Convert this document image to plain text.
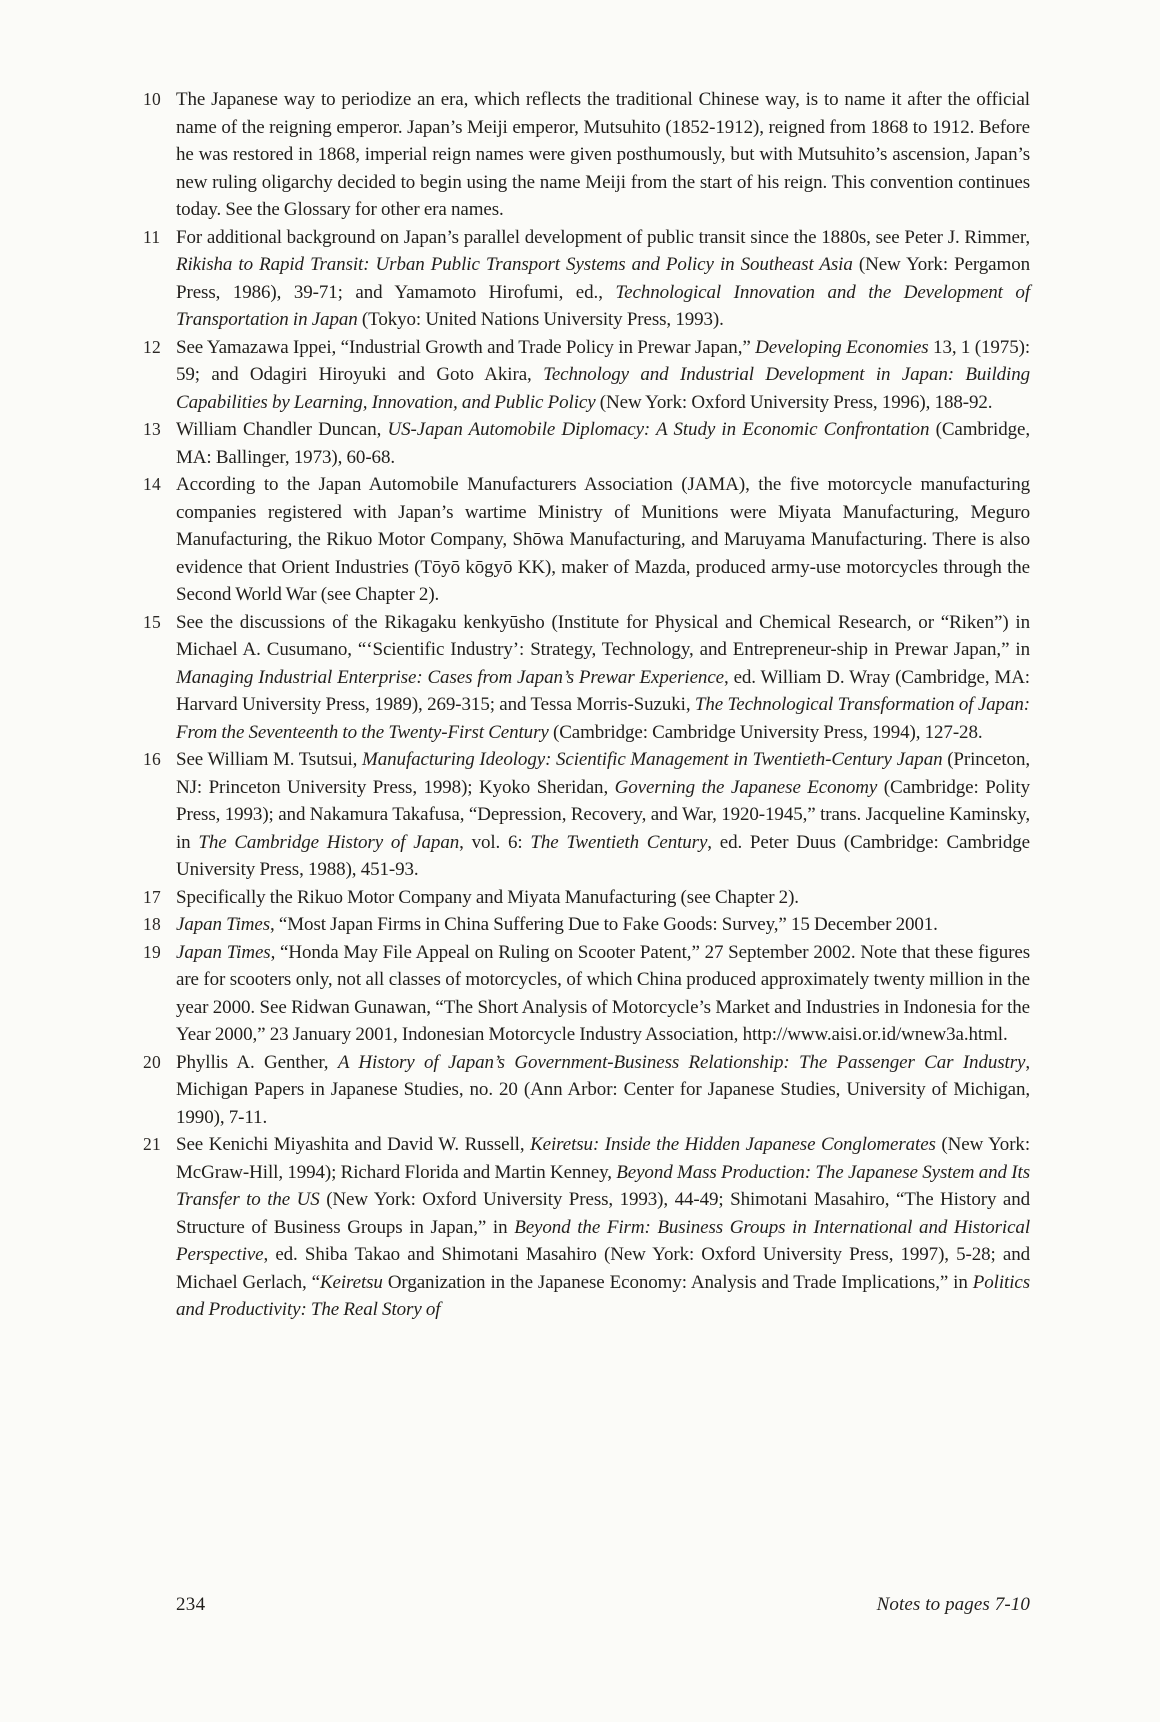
10 The Japanese way to periodize an era, which reflects the traditional Chinese way, is to name it after the official name of the reigning emperor. Japan’s Meiji emperor, Mutsuhito (1852-1912), reigned from 1868 to 1912. Before he was restored in 1868, imperial reign names were given posthumously, but with Mutsuhito’s ascension, Japan’s new ruling oligarchy decided to begin using the name Meiji from the start of his reign. This convention continues today. See the Glossary for other era names.

11 For additional background on Japan’s parallel development of public transit since the 1880s, see Peter J. Rimmer, Rikisha to Rapid Transit: Urban Public Transport Systems and Policy in Southeast Asia (New York: Pergamon Press, 1986), 39-71; and Yamamoto Hirofumi, ed., Technological Innovation and the Development of Transportation in Japan (Tokyo: United Nations University Press, 1993).

12 See Yamazawa Ippei, “Industrial Growth and Trade Policy in Prewar Japan,” Developing Economies 13, 1 (1975): 59; and Odagiri Hiroyuki and Goto Akira, Technology and Industrial Development in Japan: Building Capabilities by Learning, Innovation, and Public Policy (New York: Oxford University Press, 1996), 188-92.

13 William Chandler Duncan, US-Japan Automobile Diplomacy: A Study in Economic Confrontation (Cambridge, MA: Ballinger, 1973), 60-68.

14 According to the Japan Automobile Manufacturers Association (JAMA), the five motorcycle manufacturing companies registered with Japan’s wartime Ministry of Munitions were Miyata Manufacturing, Meguro Manufacturing, the Rikuo Motor Company, Shōwa Manufacturing, and Maruyama Manufacturing. There is also evidence that Orient Industries (Tōyō kōgyō KK), maker of Mazda, produced army-use motorcycles through the Second World War (see Chapter 2).

15 See the discussions of the Rikagaku kenkyūsho (Institute for Physical and Chemical Research, or “Riken”) in Michael A. Cusumano, “‘Scientific Industry’: Strategy, Technology, and Entrepreneur-ship in Prewar Japan,” in Managing Industrial Enterprise: Cases from Japan’s Prewar Experience, ed. William D. Wray (Cambridge, MA: Harvard University Press, 1989), 269-315; and Tessa Morris-Suzuki, The Technological Transformation of Japan: From the Seventeenth to the Twenty-First Century (Cambridge: Cambridge University Press, 1994), 127-28.

16 See William M. Tsutsui, Manufacturing Ideology: Scientific Management in Twentieth-Century Japan (Princeton, NJ: Princeton University Press, 1998); Kyoko Sheridan, Governing the Japanese Economy (Cambridge: Polity Press, 1993); and Nakamura Takafusa, “Depression, Recovery, and War, 1920-1945,” trans. Jacqueline Kaminsky, in The Cambridge History of Japan, vol. 6: The Twentieth Century, ed. Peter Duus (Cambridge: Cambridge University Press, 1988), 451-93.

17 Specifically the Rikuo Motor Company and Miyata Manufacturing (see Chapter 2).

18 Japan Times, “Most Japan Firms in China Suffering Due to Fake Goods: Survey,” 15 December 2001.

19 Japan Times, “Honda May File Appeal on Ruling on Scooter Patent,” 27 September 2002. Note that these figures are for scooters only, not all classes of motorcycles, of which China produced approximately twenty million in the year 2000. See Ridwan Gunawan, “The Short Analysis of Motorcycle’s Market and Industries in Indonesia for the Year 2000,” 23 January 2001, Indonesian Motorcycle Industry Association, http://www.aisi.or.id/wnew3a.html.

20 Phyllis A. Genther, A History of Japan’s Government-Business Relationship: The Passenger Car Industry, Michigan Papers in Japanese Studies, no. 20 (Ann Arbor: Center for Japanese Studies, University of Michigan, 1990), 7-11.

21 See Kenichi Miyashita and David W. Russell, Keiretsu: Inside the Hidden Japanese Conglomerates (New York: McGraw-Hill, 1994); Richard Florida and Martin Kenney, Beyond Mass Production: The Japanese System and Its Transfer to the US (New York: Oxford University Press, 1993), 44-49; Shimotani Masahiro, “The History and Structure of Business Groups in Japan,” in Beyond the Firm: Business Groups in International and Historical Perspective, ed. Shiba Takao and Shimotani Masahiro (New York: Oxford University Press, 1997), 5-28; and Michael Gerlach, “Keiretsu Organization in the Japanese Economy: Analysis and Trade Implications,” in Politics and Productivity: The Real Story of

234	Notes to pages 7-10
